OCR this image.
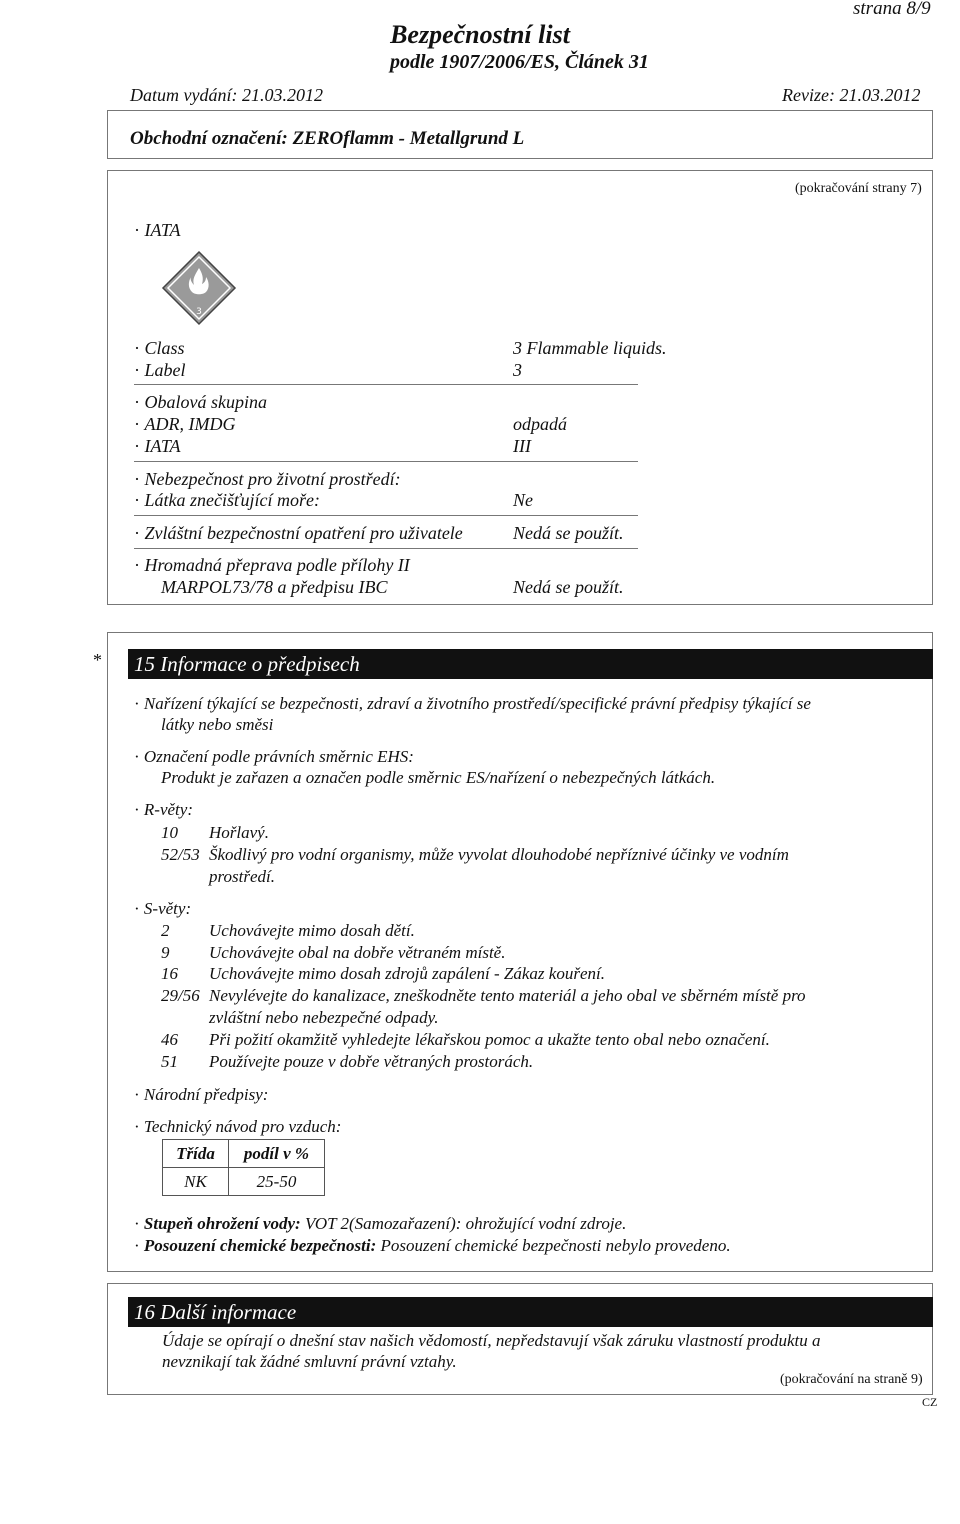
strana 8/9
Bezpečnostní list
podle 1907/2006/ES, Článek 31
Datum vydání: 21.03.2012	Revize: 21.03.2012
Obchodní označení: ZEROflamm - Metallgrund L
(pokračování strany 7)
· IATA
3
· Class	3 Flammable liquids.
· Label	3
· Obalová skupina
· ADR, IMDG	odpadá
· IATA	III
· Nebezpečnost pro životní prostředí:
· Látka znečišťující moře:	Ne
· Zvláštní bezpečnostní opatření pro uživatele	Nedá se použít.
· Hromadná přeprava podle přílohy II
MARPOL73/78 a předpisu IBC	Nedá se použít.
* 15 Informace o předpisech
· Nařízení týkající se bezpečnosti, zdraví a životního prostředí/specifické právní předpisy týkající se
látky nebo směsi
· Označení podle právních směrnic EHS:
Produkt je zařazen a označen podle směrnic ES/nařízení o nebezpečných látkách.
· R-věty:
10 Hořlavý.
52/53 Škodlivý pro vodní organismy, může vyvolat dlouhodobé nepříznivé účinky ve vodním
prostředí.
· S-věty:
2 Uchovávejte mimo dosah dětí.
9 Uchovávejte obal na dobře větraném místě.
16 Uchovávejte mimo dosah zdrojů zapálení - Zákaz kouření.
29/56 Nevylévejte do kanalizace, zneškodněte tento materiál a jeho obal ve sběrném místě pro
zvláštní nebo nebezpečné odpady.
46 Při požití okamžitě vyhledejte lékařskou pomoc a ukažte tento obal nebo označení.
51 Používejte pouze v dobře větraných prostorách.
· Národní předpisy:
· Technický návod pro vzduch:
Třída	podíl v %
NK	25-50
· Stupeň ohrožení vody: VOT 2(Samozařazení): ohrožující vodní zdroje.
· Posouzení chemické bezpečnosti: Posouzení chemické bezpečnosti nebylo provedeno.
16 Další informace
Údaje se opírají o dnešní stav našich vědomostí, nepředstavují však záruku vlastností produktu a
nevznikají tak žádné smluvní právní vztahy.
(pokračování na straně 9)
CZ
